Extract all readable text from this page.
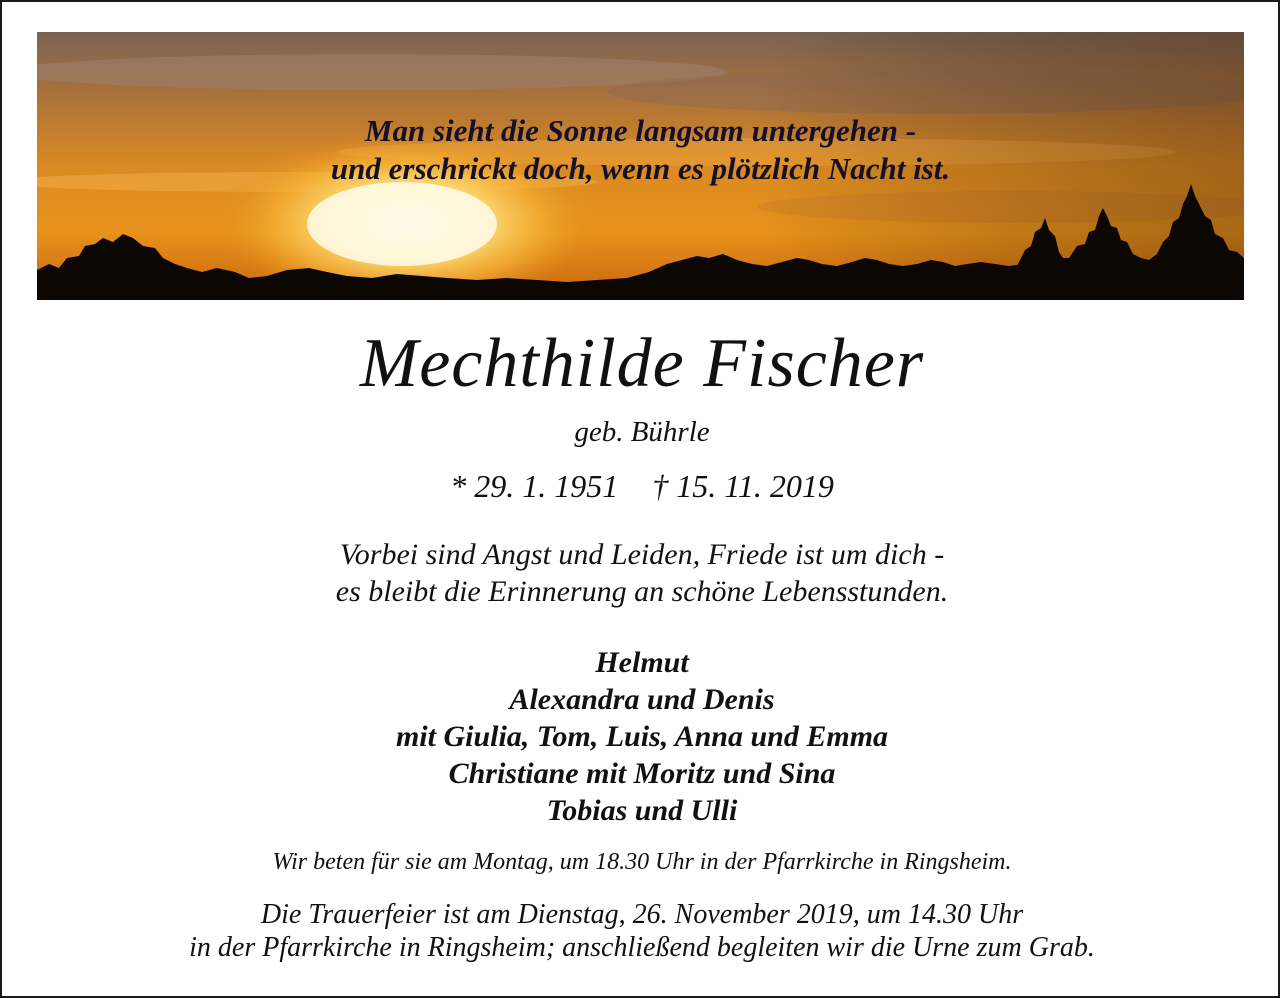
Man sieht die Sonne langsam untergehen -
und erschrickt doch, wenn es plötzlich Nacht ist.
Mechthilde Fischer
geb. Bührle
* 29. 1. 1951 † 15. 11. 2019
Vorbei sind Angst und Leiden, Friede ist um dich -
es bleibt die Erinnerung an schöne Lebensstunden.
Helmut
Alexandra und Denis
mit Giulia, Tom, Luis, Anna und Emma
Christiane mit Moritz und Sina
Tobias und Ulli
Wir beten für sie am Montag, um 18.30 Uhr in der Pfarrkirche in Ringsheim.
Die Trauerfeier ist am Dienstag, 26. November 2019, um 14.30 Uhr
in der Pfarrkirche in Ringsheim; anschließend begleiten wir die Urne zum Grab.
